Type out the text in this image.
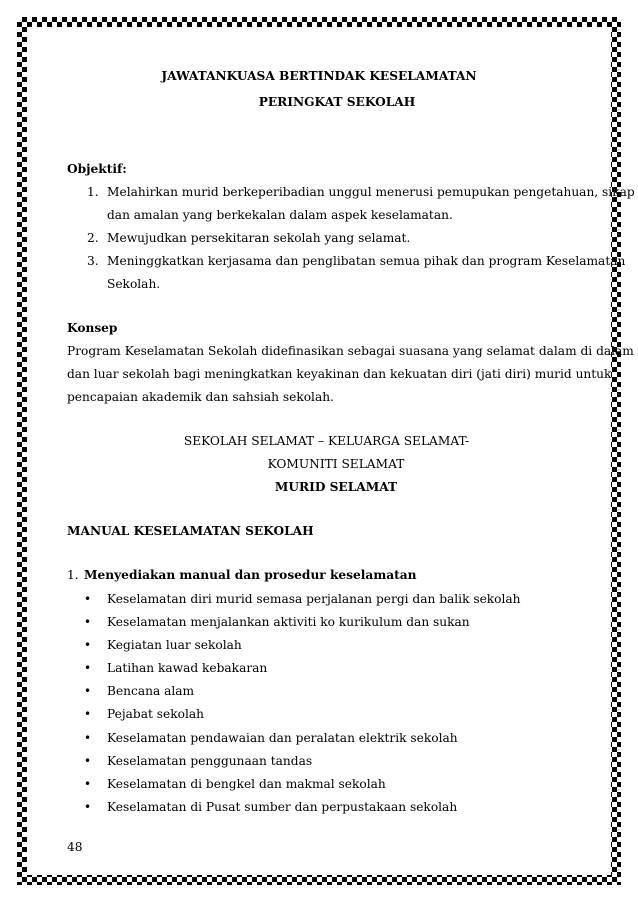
JAWATANKUASA BERTINDAK KESELAMATAN
PERINGKAT SEKOLAH
Objektif:
1. Melahirkan murid berkeperibadian unggul menerusi pemupukan pengetahuan, sikap
dan amalan yang berkekalan dalam aspek keselamatan.
2. Mewujudkan persekitaran sekolah yang selamat.
3. Meninggkatkan kerjasama dan penglibatan semua pihak dan program Keselamatan
Sekolah.
Konsep
Program Keselamatan Sekolah didefinasikan sebagai suasana yang selamat dalam di dalam
dan luar sekolah bagi meningkatkan keyakinan dan kekuatan diri (jati diri) murid untuk
pencapaian akademik dan sahsiah sekolah.
SEKOLAH SELAMAT – KELUARGA SELAMAT-
KOMUNITI SELAMAT
MURID SELAMAT
MANUAL KESELAMATAN SEKOLAH
1. Menyediakan manual dan prosedur keselamatan
• Keselamatan diri murid semasa perjalanan pergi dan balik sekolah
• Keselamatan menjalankan aktiviti ko kurikulum dan sukan
• Kegiatan luar sekolah
• Latihan kawad kebakaran
• Bencana alam
• Pejabat sekolah
• Keselamatan pendawaian dan peralatan elektrik sekolah
• Keselamatan penggunaan tandas
• Keselamatan di bengkel dan makmal sekolah
• Keselamatan di Pusat sumber dan perpustakaan sekolah
48
